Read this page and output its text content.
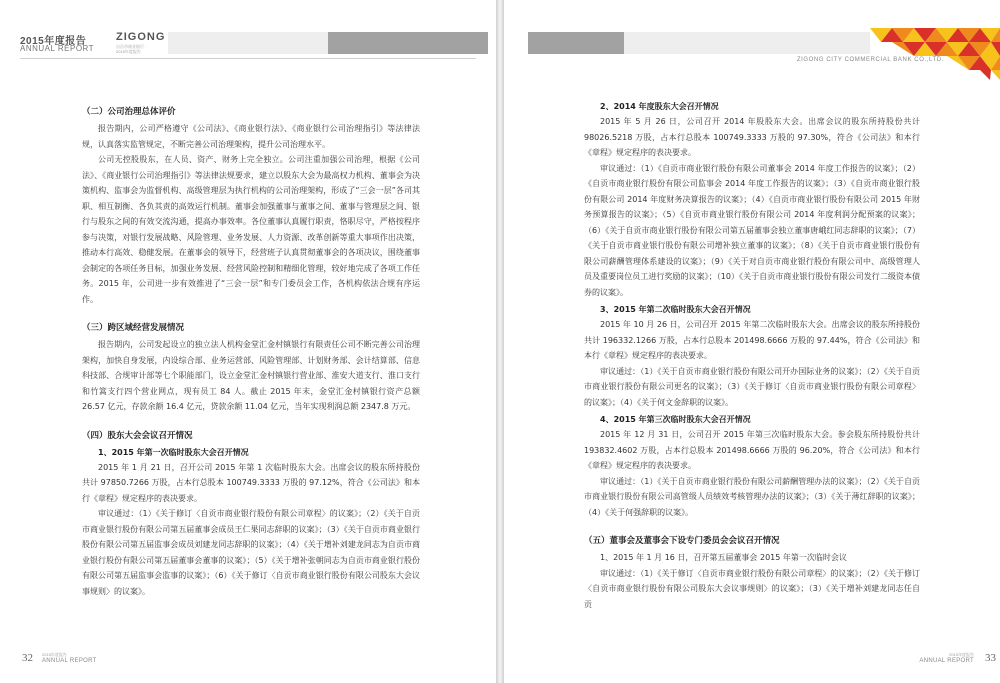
2015年度报告
ANNUAL REPORT
ZIGONG
自贡市商业银行 · 2015年度报告
（二）公司治理总体评价

报告期内，公司严格遵守《公司法》、《商业银行法》、《商业银行公司治理指引》等法律法规，认真落实监管规定，不断完善公司治理架构，提升公司治理水平。

公司无控股股东，在人员、资产、财务上完全独立。公司注重加强公司治理，根据《公司法》、《商业银行公司治理指引》等法律法规要求，建立以股东大会为最高权力机构、董事会为决策机构、监事会为监督机构、高级管理层为执行机构的公司治理架构，形成了“三会一层”各司其职、相互制衡、各负其责的高效运行机制。董事会加强董事与董事之间、董事与管理层之间、银行与股东之间的有效交流沟通，提高办事效率。各位董事认真履行职责，恪职尽守，严格按程序参与决策，对银行发展战略、风险管理、业务发展、人力资源、改革创新等重大事项作出决策，推动本行高效、稳健发展。在董事会的领导下，经营班子认真贯彻董事会的各项决议，围绕董事会制定的各项任务目标，加强业务发展、经营风险控制和精细化管理，较好地完成了各项工作任务。2015 年，公司进一步有效推进了“三会一层”和专门委员会工作，各机构依法合规有序运作。

（三）跨区域经营发展情况

报告期内，公司发起设立的独立法人机构金堂汇金村镇银行有限责任公司不断完善公司治理架构，加快自身发展，内设综合部、业务运营部、风险管理部、计划财务部、会计结算部、信息科技部、合规审计部等七个职能部门，设立金堂汇金村镇银行营业部、淮安大道支行、淮口支行和竹篙支行四个营业网点，现有员工 84 人。截止 2015 年末，金堂汇金村镇银行资产总额 26.57 亿元，存款余额 16.4 亿元，贷款余额 11.04 亿元，当年实现利润总额 2347.8 万元。

（四）股东大会会议召开情况
1、2015 年第一次临时股东大会召开情况

2015 年 1 月 21 日，召开公司 2015 年第 1 次临时股东大会。出席会议的股东所持股份共计 97850.7266 万股，占本行总股本 100749.3333 万股的 97.12%，符合《公司法》和本行《章程》规定程序的表决要求。

审议通过：（1）《关于修订〈自贡市商业银行股份有限公司章程〉的议案》；（2）《关于自贡市商业银行股份有限公司第五届董事会成员王仁果同志辞职的议案》；（3）《关于自贡市商业银行股份有限公司第五届监事会成员刘建龙同志辞职的议案》；（4）《关于增补刘建龙同志为自贡市商业银行股份有限公司第五届董事会董事的议案》；（5）《关于增补张朝同志为自贡市商业银行股份有限公司第五届监事会监事的议案》；（6）《关于修订〈自贡市商业银行股份有限公司股东大会议事规则〉的议案》。

32 2015年度报告
ANNUAL REPORT
ZIGONG CITY COMMERCIAL BANK CO.,LTD.
2、2014 年度股东大会召开情况

2015 年 5 月 26 日，公司召开 2014 年股股东大会。出席会议的股东所持股份共计 98026.5218 万股，占本行总股本 100749.3333 万股的 97.30%，符合《公司法》和本行《章程》规定程序的表决要求。

审议通过：（1）《自贡市商业银行股份有限公司董事会 2014 年度工作报告的议案》；（2）《自贡市商业银行股份有限公司监事会 2014 年度工作报告的议案》；（3）《自贡市商业银行股份有限公司 2014 年度财务决算报告的议案》；（4）《自贡市商业银行股份有限公司 2015 年财务预算报告的议案》；（5）《自贡市商业银行股份有限公司 2014 年度利润分配预案的议案》；（6）《关于自贡市商业银行股份有限公司第五届董事会独立董事唐峨红同志辞职的议案》；（7）《关于自贡市商业银行股份有限公司增补独立董事的议案》；（8）《关于自贡市商业银行股份有限公司薪酬管理体系建设的议案》；（9）《关于对自贡市商业银行股份有限公司中、高级管理人员及重要岗位员工进行奖励的议案》；（10）《关于自贡市商业银行股份有限公司发行二级资本债券的议案》。

3、2015 年第二次临时股东大会召开情况

2015 年 10 月 26 日，公司召开 2015 年第二次临时股东大会。出席会议的股东所持股份共计 196332.1266 万股，占本行总股本 201498.6666 万股的 97.44%，符合《公司法》和本行《章程》规定程序的表决要求。

审议通过：（1）《关于自贡市商业银行股份有限公司开办国际业务的议案》；（2）《关于自贡市商业银行股份有限公司更名的议案》；（3）《关于修订〈自贡市商业银行股份有限公司章程〉的议案》；（4）《关于何文金辞职的议案》。

4、2015 年第三次临时股东大会召开情况

2015 年 12 月 31 日，公司召开 2015 年第三次临时股东大会。参会股东所持股份共计 193832.4602 万股，占本行总股本 201498.6666 万股的 96.20%，符合《公司法》和本行《章程》规定程序的表决要求。

审议通过：（1）《关于自贡市商业银行股份有限公司薪酬管理办法的议案》；（2）《关于自贡市商业银行股份有限公司高管级人员绩效考核管理办法的议案》；（3）《关于薄红辞职的议案》；（4）《关于何强辞职的议案》。

（五）董事会及董事会下设专门委员会会议召开情况

1、2015 年 1 月 16 日，召开第五届董事会 2015 年第一次临时会议

审议通过：（1）《关于修订〈自贡市商业银行股份有限公司章程〉的议案》；（2）《关于修订〈自贡市商业银行股份有限公司股东大会议事规则〉的议案》；（3）《关于增补刘建龙同志任自贡

2015年度报告
ANNUAL REPORT 33
